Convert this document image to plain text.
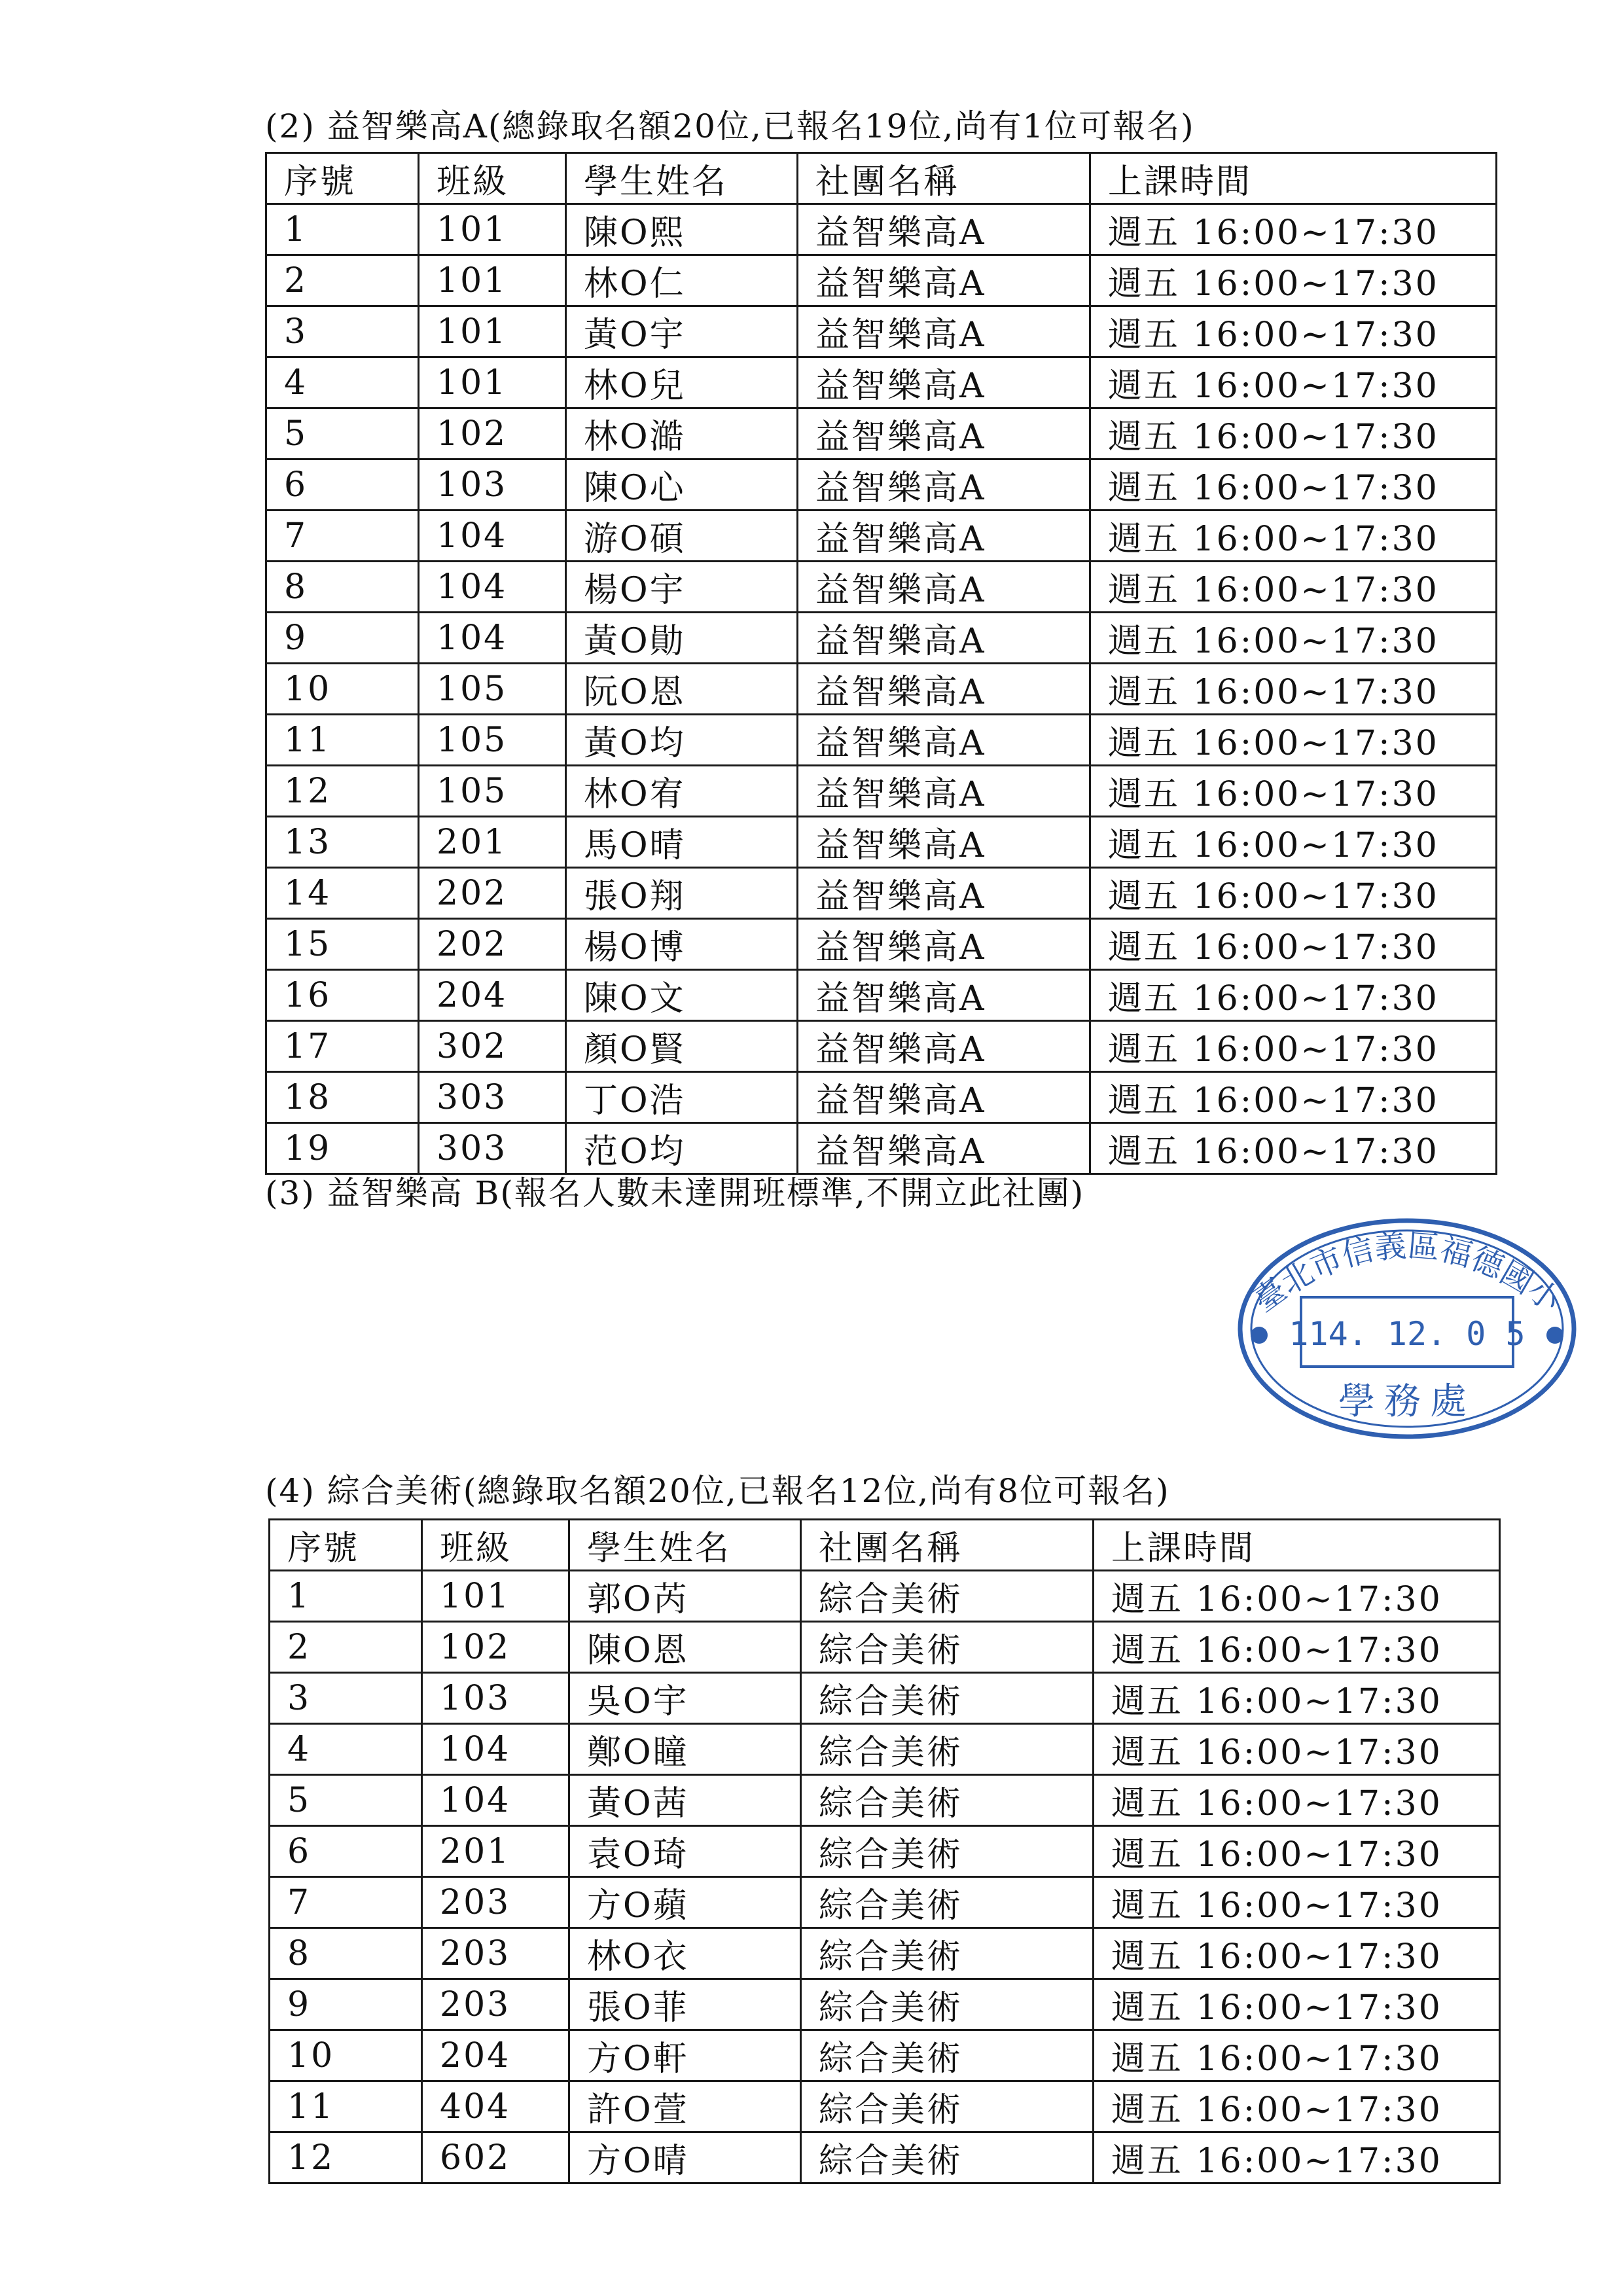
(2) 益智樂高A(總錄取名額20位,已報名19位,尚有1位可報名)
序號	班級	學生姓名	社團名稱	上課時間
1	101	陳O熙	益智樂高A	週五 16:00~17:30
2	101	林O仁	益智樂高A	週五 16:00~17:30
3	101	黃O宇	益智樂高A	週五 16:00~17:30
4	101	林O兒	益智樂高A	週五 16:00~17:30
5	102	林O澔	益智樂高A	週五 16:00~17:30
6	103	陳O心	益智樂高A	週五 16:00~17:30
7	104	游O碩	益智樂高A	週五 16:00~17:30
8	104	楊O宇	益智樂高A	週五 16:00~17:30
9	104	黃O勛	益智樂高A	週五 16:00~17:30
10	105	阮O恩	益智樂高A	週五 16:00~17:30
11	105	黃O均	益智樂高A	週五 16:00~17:30
12	105	林O宥	益智樂高A	週五 16:00~17:30
13	201	馬O晴	益智樂高A	週五 16:00~17:30
14	202	張O翔	益智樂高A	週五 16:00~17:30
15	202	楊O博	益智樂高A	週五 16:00~17:30
16	204	陳O文	益智樂高A	週五 16:00~17:30
17	302	顏O賢	益智樂高A	週五 16:00~17:30
18	303	丁O浩	益智樂高A	週五 16:00~17:30
19	303	范O均	益智樂高A	週五 16:00~17:30
(3) 益智樂高 B(報名人數未達開班標準,不開立此社團)
臺北市信義區福德國小
114. 12. 0 5
學務處
(4) 綜合美術(總錄取名額20位,已報名12位,尚有8位可報名)
序號	班級	學生姓名	社團名稱	上課時間
1	101	郭O芮	綜合美術	週五 16:00~17:30
2	102	陳O恩	綜合美術	週五 16:00~17:30
3	103	吳O宇	綜合美術	週五 16:00~17:30
4	104	鄭O瞳	綜合美術	週五 16:00~17:30
5	104	黃O茜	綜合美術	週五 16:00~17:30
6	201	袁O琦	綜合美術	週五 16:00~17:30
7	203	方O蘋	綜合美術	週五 16:00~17:30
8	203	林O衣	綜合美術	週五 16:00~17:30
9	203	張O菲	綜合美術	週五 16:00~17:30
10	204	方O軒	綜合美術	週五 16:00~17:30
11	404	許O萱	綜合美術	週五 16:00~17:30
12	602	方O晴	綜合美術	週五 16:00~17:30
